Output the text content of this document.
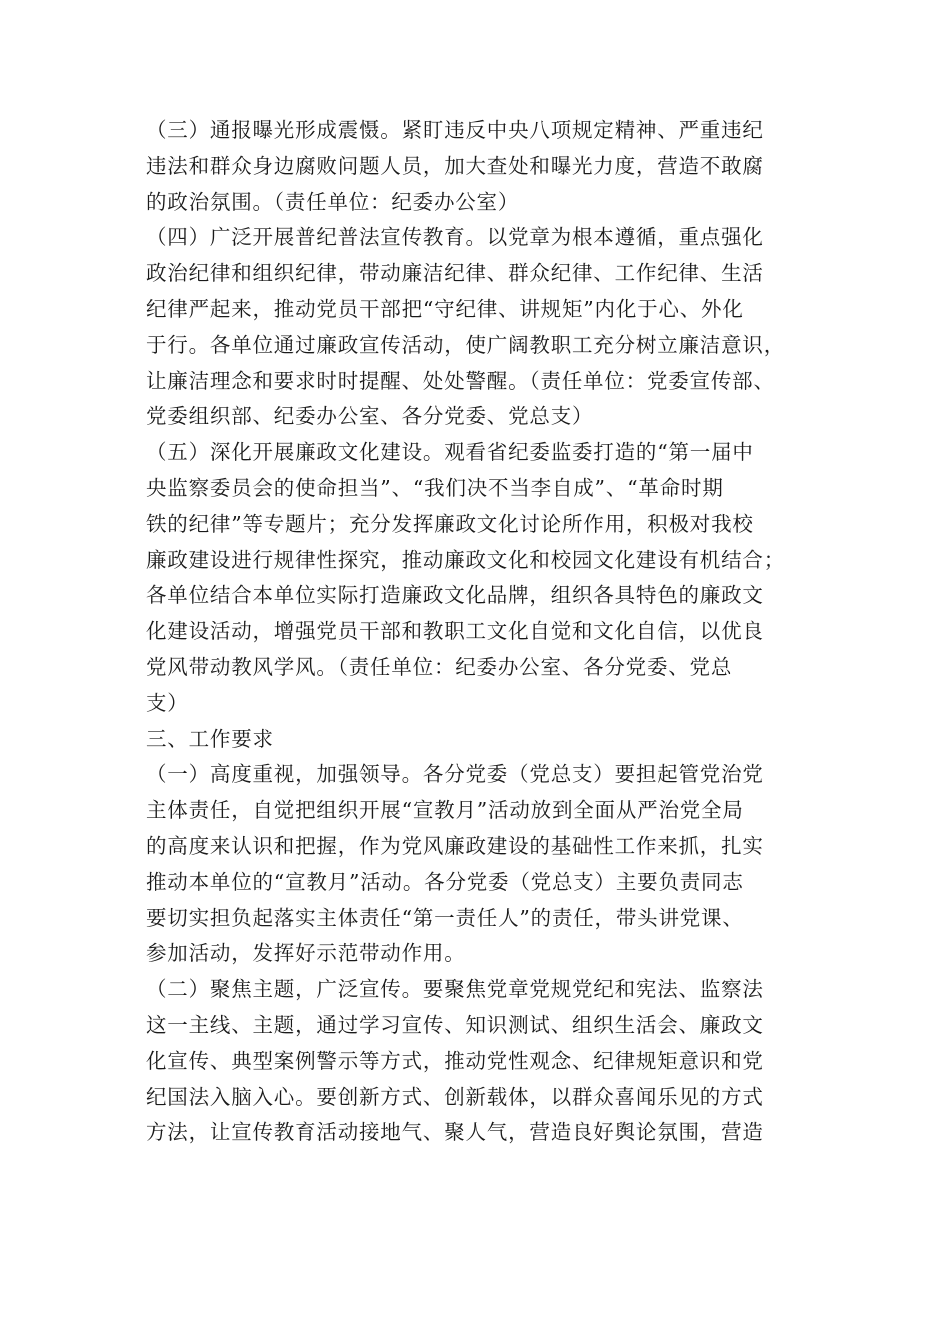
（三）通报曝光形成震慑。紧盯违反中央八项规定精神、严重违纪
违法和群众身边腐败问题人员，加大查处和曝光力度，营造不敢腐
的政治氛围。（责任单位：纪委办公室）
（四）广泛开展普纪普法宣传教育。以党章为根本遵循，重点强化
政治纪律和组织纪律，带动廉洁纪律、群众纪律、工作纪律、生活
纪律严起来，推动党员干部把“守纪律、讲规矩”内化于心、外化
于行。各单位通过廉政宣传活动，使广阔教职工充分树立廉洁意识，
让廉洁理念和要求时时提醒、处处警醒。（责任单位：党委宣传部、
党委组织部、纪委办公室、各分党委、党总支）
（五）深化开展廉政文化建设。观看省纪委监委打造的“第一届中
央监察委员会的使命担当”、“我们决不当李自成”、“革命时期
铁的纪律”等专题片；充分发挥廉政文化讨论所作用，积极对我校
廉政建设进行规律性探究，推动廉政文化和校园文化建设有机结合；
各单位结合本单位实际打造廉政文化品牌，组织各具特色的廉政文
化建设活动，增强党员干部和教职工文化自觉和文化自信，以优良
党风带动教风学风。（责任单位：纪委办公室、各分党委、党总
支）
三、工作要求
（一）高度重视，加强领导。各分党委（党总支）要担起管党治党
主体责任，自觉把组织开展“宣教月”活动放到全面从严治党全局
的高度来认识和把握，作为党风廉政建设的基础性工作来抓，扎实
推动本单位的“宣教月”活动。各分党委（党总支）主要负责同志
要切实担负起落实主体责任“第一责任人”的责任，带头讲党课、
参加活动，发挥好示范带动作用。
（二）聚焦主题，广泛宣传。要聚焦党章党规党纪和宪法、监察法
这一主线、主题，通过学习宣传、知识测试、组织生活会、廉政文
化宣传、典型案例警示等方式，推动党性观念、纪律规矩意识和党
纪国法入脑入心。要创新方式、创新载体，以群众喜闻乐见的方式
方法，让宣传教育活动接地气、聚人气，营造良好舆论氛围，营造
